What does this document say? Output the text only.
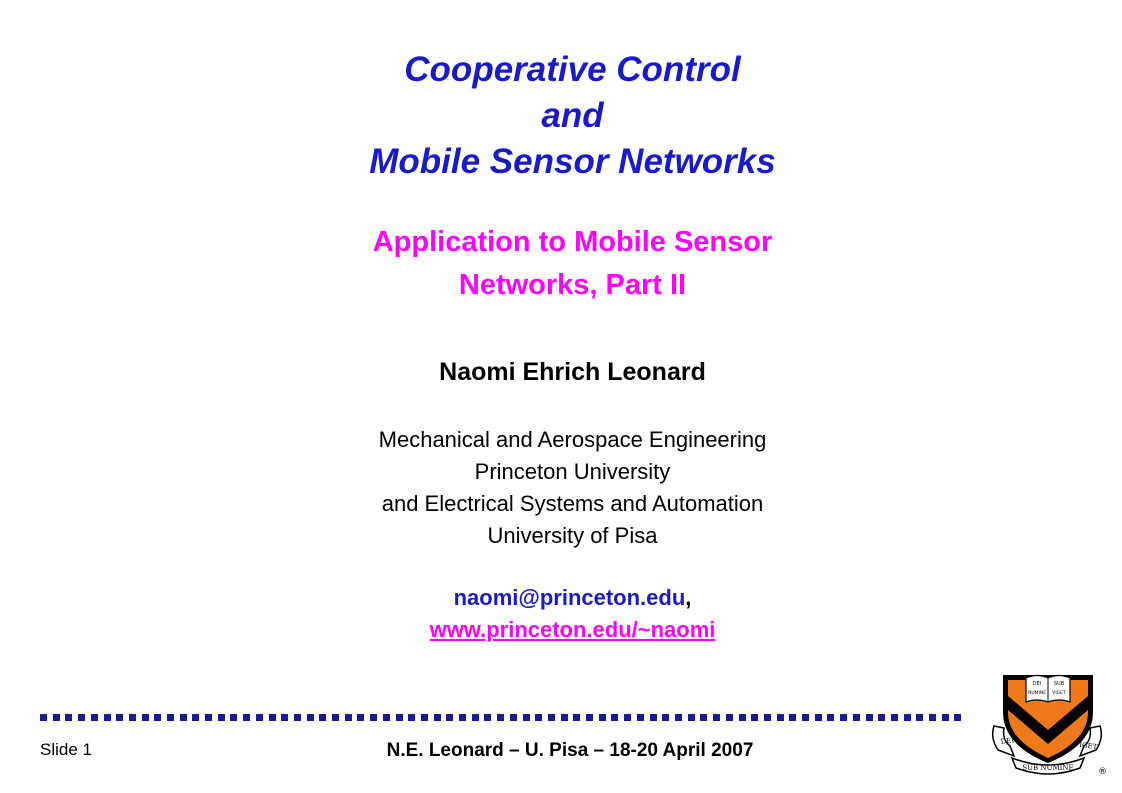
Cooperative Control
and
Mobile Sensor Networks
Application to Mobile Sensor
Networks, Part II
Naomi Ehrich Leonard
Mechanical and Aerospace Engineering
Princeton University
and Electrical Systems and Automation
University of Pisa
naomi@princeton.edu,
www.princeton.edu/~naomi
Slide 1	N.E. Leonard – U. Pisa – 18-20 April 2007
DEI	SUB
NUMINE VIGET
DEI
SUB NUMINE
VIGET
®
